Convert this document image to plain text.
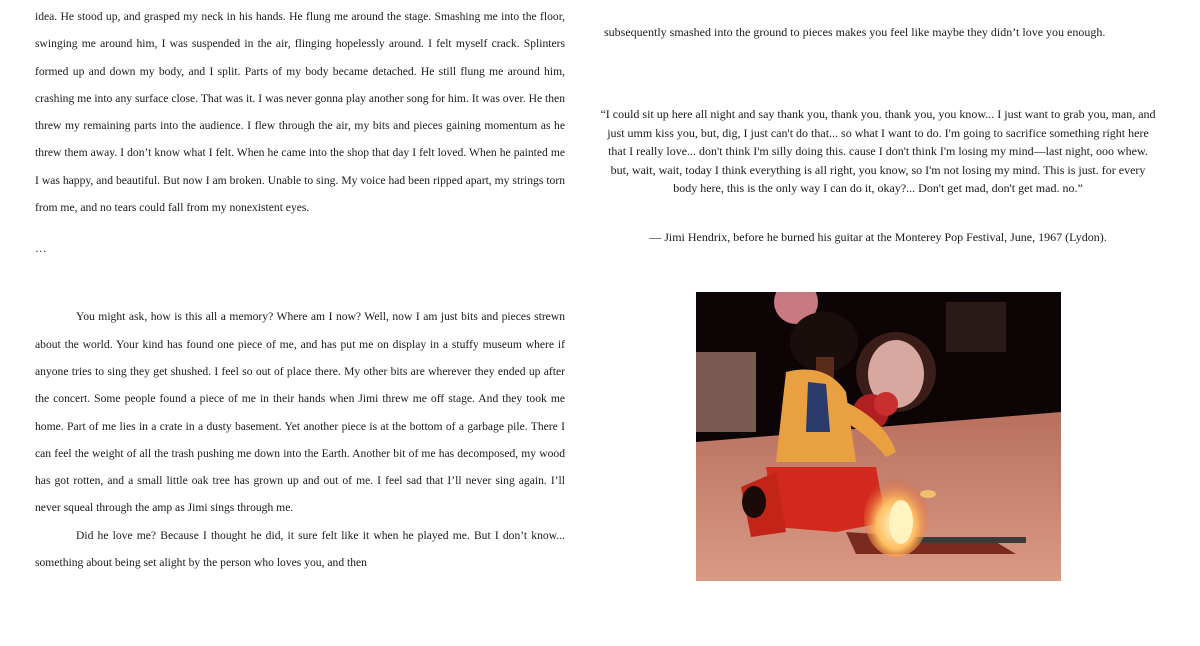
idea. He stood up, and grasped my neck in his hands. He flung me around the stage. Smashing me into the floor, swinging me around him, I was suspended in the air, flinging hopelessly around. I felt myself crack. Splinters formed up and down my body, and I split. Parts of my body became detached. He still flung me around him, crashing me into any surface close. That was it. I was never gonna play another song for him. It was over. He then threw my remaining parts into the audience. I flew through the air, my bits and pieces gaining momentum as he threw them away. I don’t know what I felt. When he came into the shop that day I felt loved. When he painted me I was happy, and beautiful. But now I am broken. Unable to sing. My voice had been ripped apart, my strings torn from me, and no tears could fall from my nonexistent eyes.

…

You might ask, how is this all a memory? Where am I now? Well, now I am just bits and pieces strewn about the world. Your kind has found one piece of me, and has put me on display in a stuffy museum where if anyone tries to sing they get shushed. I feel so out of place there. My other bits are wherever they ended up after the concert. Some people found a piece of me in their hands when Jimi threw me off stage. And they took me home. Part of me lies in a crate in a dusty basement. Yet another piece is at the bottom of a garbage pile. There I can feel the weight of all the trash pushing me down into the Earth. Another bit of me has decomposed, my wood has got rotten, and a small little oak tree has grown up and out of me. I feel sad that I’ll never sing again. I’ll never squeal through the amp as Jimi sings through me.

Did he love me? Because I thought he did, it sure felt like it when he played me. But I don’t know... something about being set alight by the person who loves you, and then

subsequently smashed into the ground to pieces makes you feel like maybe they didn’t love you enough.

“I could sit up here all night and say thank you, thank you. thank you, you know... I just want to grab you, man, and just umm kiss you, but, dig, I just can't do that... so what I want to do. I'm going to sacrifice something right here that I really love... don't think I'm silly doing this. cause I don't think I'm losing my mind—last night, ooo whew. but, wait, wait, today I think everything is all right, you know, so I'm not losing my mind. This is just. for every body here, this is the only way I can do it, okay?... Don't get mad, don't get mad. no.”

— Jimi Hendrix, before he burned his guitar at the Monterey Pop Festival, June, 1967 (Lydon).
